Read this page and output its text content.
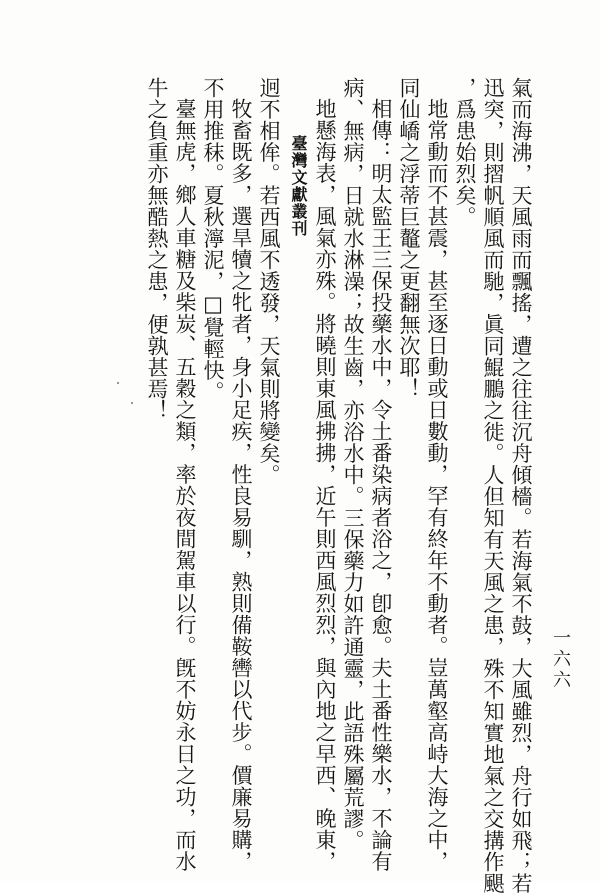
臺灣文獻叢刊
一六六
氣而海沸，天風雨而飄搖，遭之往往沉舟傾檣。若海氣不鼓，大風雖烈，舟行如飛；若
迅突，則摺帆順風而馳，眞同鯤鵬之徙。人但知有天風之患，殊不知實地氣之交搆作颶
，爲患始烈矣。
地常動而不甚震，甚至逐日動或日數動，罕有終年不動者。豈萬壑高峙大海之中，
同仙嶠之浮蒂巨鼇之更翻無次耶！
相傳：明太監王三保投藥水中，令土番染病者浴之，卽愈。夫土番性樂水，不論有
病、無病，日就水淋澡；故生齒，亦浴水中。三保藥力如許通靈，此語殊屬荒謬。
地懸海表，風氣亦殊。將曉則東風拂拂，近午則西風烈烈，與內地之早西、晚東，
迥不相侔。若西風不透發，天氣則將變矣。
牧畜既多，選旱犢之牝者，身小足疾，性良易馴，熟則備鞍轡以代步。價廉易購，
不用推秣。夏秋濘泥，□覺輕快。
臺無虎，鄉人車糖及柴炭、五穀之類，率於夜間駕車以行。旣不妨永日之功，而水
牛之負重亦無酷熱之患，便孰甚焉！
